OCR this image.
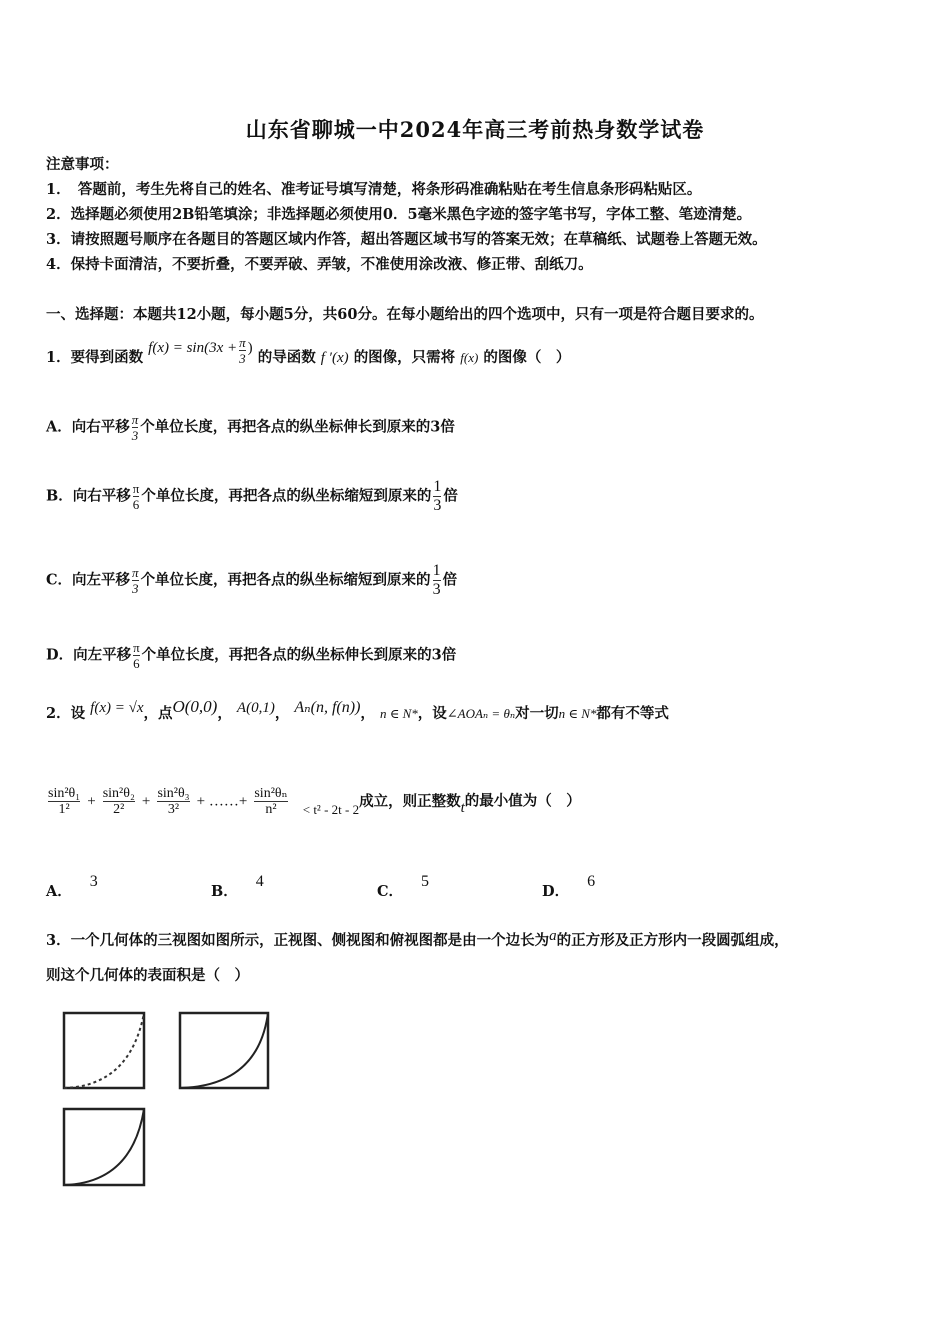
山东省聊城一中2024年高三考前热身数学试卷
注意事项：
1．　答题前，考生先将自己的姓名、准考证号填写清楚，将条形码准确粘贴在考生信息条形码粘贴区。
2．选择题必须使用2B铅笔填涂；非选择题必须使用0．5毫米黑色字迹的签字笔书写，字体工整、笔迹清楚。
3．请按照题号顺序在各题目的答题区域内作答，超出答题区域书写的答案无效；在草稿纸、试题卷上答题无效。
4．保持卡面清洁，不要折叠，不要弄破、弄皱，不准使用涂改液、修正带、刮纸刀。
一、选择题：本题共12小题，每小题5分，共60分。在每小题给出的四个选项中，只有一项是符合题目要求的。
1．要得到函数 $f(x) = \sin(3x + \frac{\pi}{3}$ ) 的导函数 f ′(x) 的图像，只需将 f(x) 的图像（　）
A．向右平移 $\frac{\pi}{3}$ 个单位长度，再把各点的纵坐标伸长到原来的3倍
B．向右平移 $\frac{\pi}{6}$ 个单位长度，再把各点的纵坐标缩短到原来的 $\frac{1}{3}$ 倍
C．向左平移 $\frac{\pi}{3}$ 个单位长度，再把各点的纵坐标缩短到原来的 $\frac{1}{3}$ 倍
D．向左平移 $\frac{\pi}{6}$ 个单位长度，再把各点的纵坐标伸长到原来的3倍
2．设 f(x) = √x，点O(0,0)， A(0,1)， Aₙ(n, f(n))， n ∈ N*，设∠AOAₙ = θₙ对一切n ∈ N*都有不等式
$\frac{\text{sin²θ₁}}{\text{1²}} + \frac{\text{sin²θ₂}}{\text{2²}} + \frac{\text{sin²θ₃}}{\text{3²}}$ + ……+ $\frac{\text{sin²θₙ}}{\text{n²}} < t^2 - 2t - 2$成立，则正整数t的最小值为（　）
A．3
B．4
C．5
D．6
3．一个几何体的三视图如图所示，正视图、侧视图和俯视图都是由一个边长为a的正方形及正方形内一段圆弧组成，
则这个几何体的表面积是（　）
